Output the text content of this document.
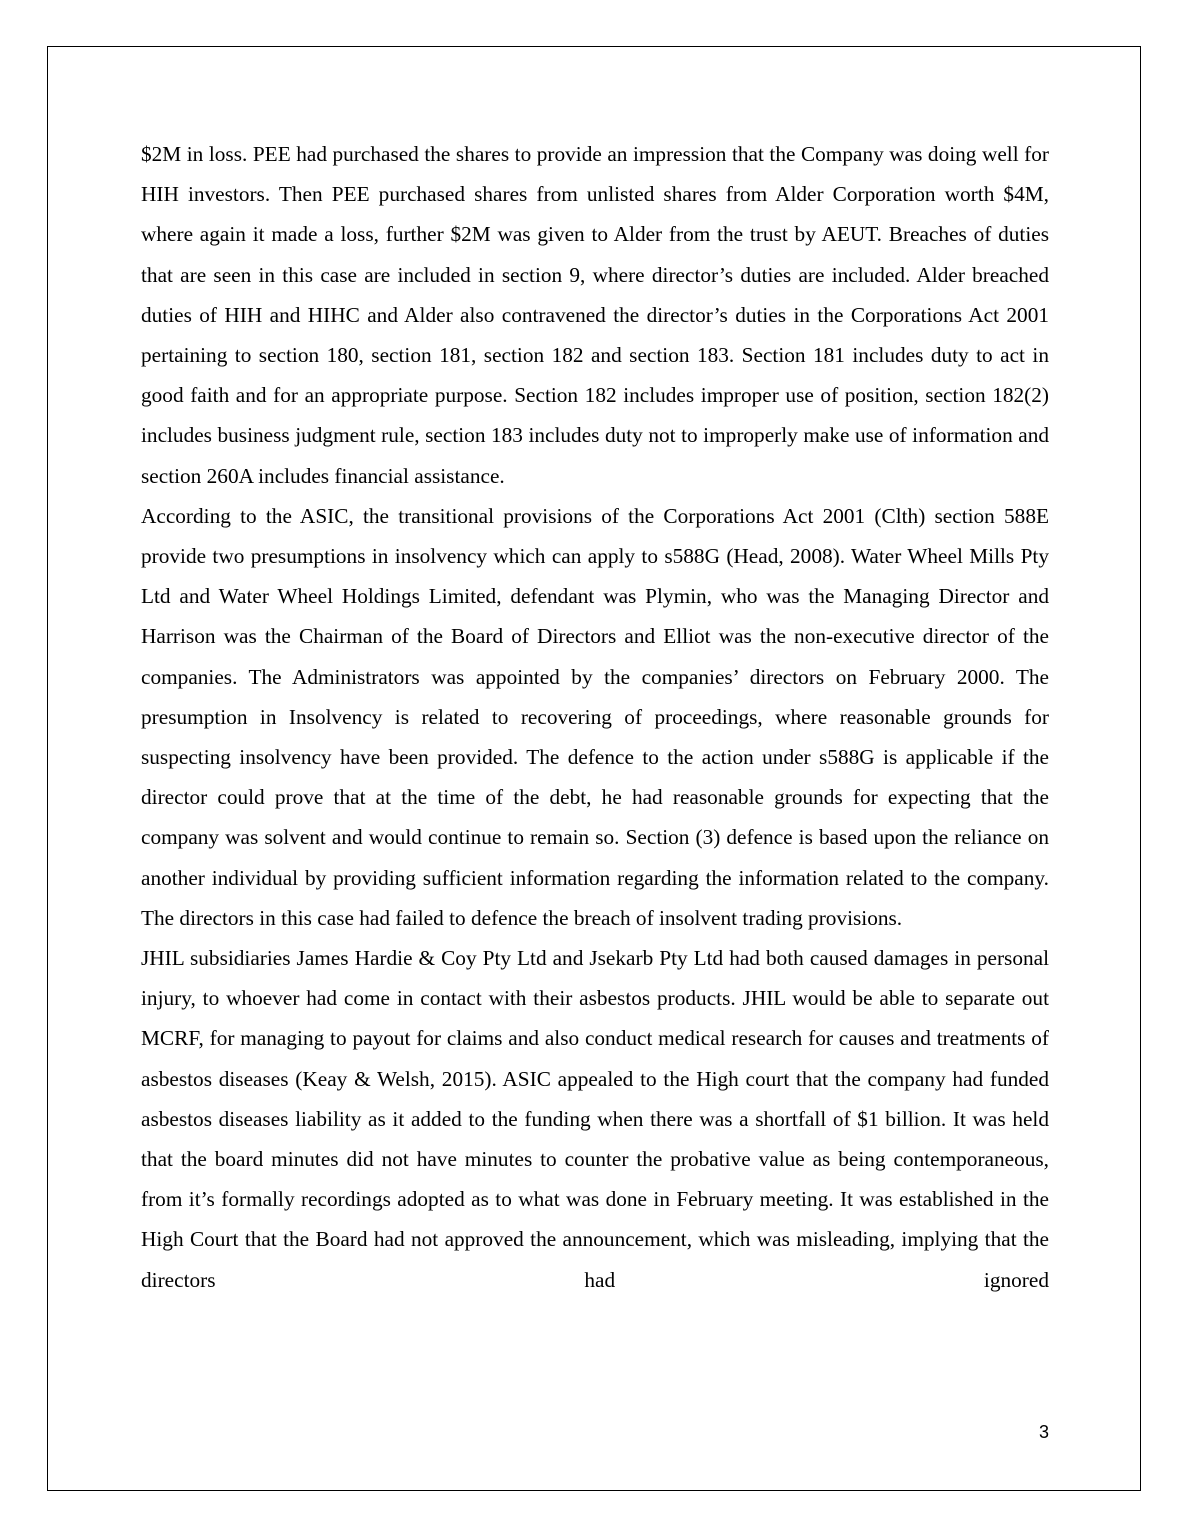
$2M in loss. PEE had purchased the shares to provide an impression that the Company was doing well for HIH investors. Then PEE purchased shares from unlisted shares from Alder Corporation worth $4M, where again it made a loss, further $2M was given to Alder from the trust by AEUT. Breaches of duties that are seen in this case are included in section 9, where director’s duties are included. Alder breached duties of HIH and HIHC and Alder also contravened the director’s duties in the Corporations Act 2001 pertaining to section 180, section 181, section 182 and section 183. Section 181 includes duty to act in good faith and for an appropriate purpose. Section 182 includes improper use of position, section 182(2) includes business judgment rule, section 183 includes duty not to improperly make use of information and section 260A includes financial assistance.

According to the ASIC, the transitional provisions of the Corporations Act 2001 (Clth) section 588E provide two presumptions in insolvency which can apply to s588G (Head, 2008). Water Wheel Mills Pty Ltd and Water Wheel Holdings Limited, defendant was Plymin, who was the Managing Director and Harrison was the Chairman of the Board of Directors and Elliot was the non-executive director of the companies. The Administrators was appointed by the companies’ directors on February 2000. The presumption in Insolvency is related to recovering of proceedings, where reasonable grounds for suspecting insolvency have been provided. The defence to the action under s588G is applicable if the director could prove that at the time of the debt, he had reasonable grounds for expecting that the company was solvent and would continue to remain so. Section (3) defence is based upon the reliance on another individual by providing sufficient information regarding the information related to the company. The directors in this case had failed to defence the breach of insolvent trading provisions.

JHIL subsidiaries James Hardie & Coy Pty Ltd and Jsekarb Pty Ltd had both caused damages in personal injury, to whoever had come in contact with their asbestos products. JHIL would be able to separate out MCRF, for managing to payout for claims and also conduct medical research for causes and treatments of asbestos diseases (Keay & Welsh, 2015). ASIC appealed to the High court that the company had funded asbestos diseases liability as it added to the funding when there was a shortfall of $1 billion. It was held that the board minutes did not have minutes to counter the probative value as being contemporaneous, from it’s formally recordings adopted as to what was done in February meeting. It was established in the High Court that the Board had not approved the announcement, which was misleading, implying that the directors had ignored

3
